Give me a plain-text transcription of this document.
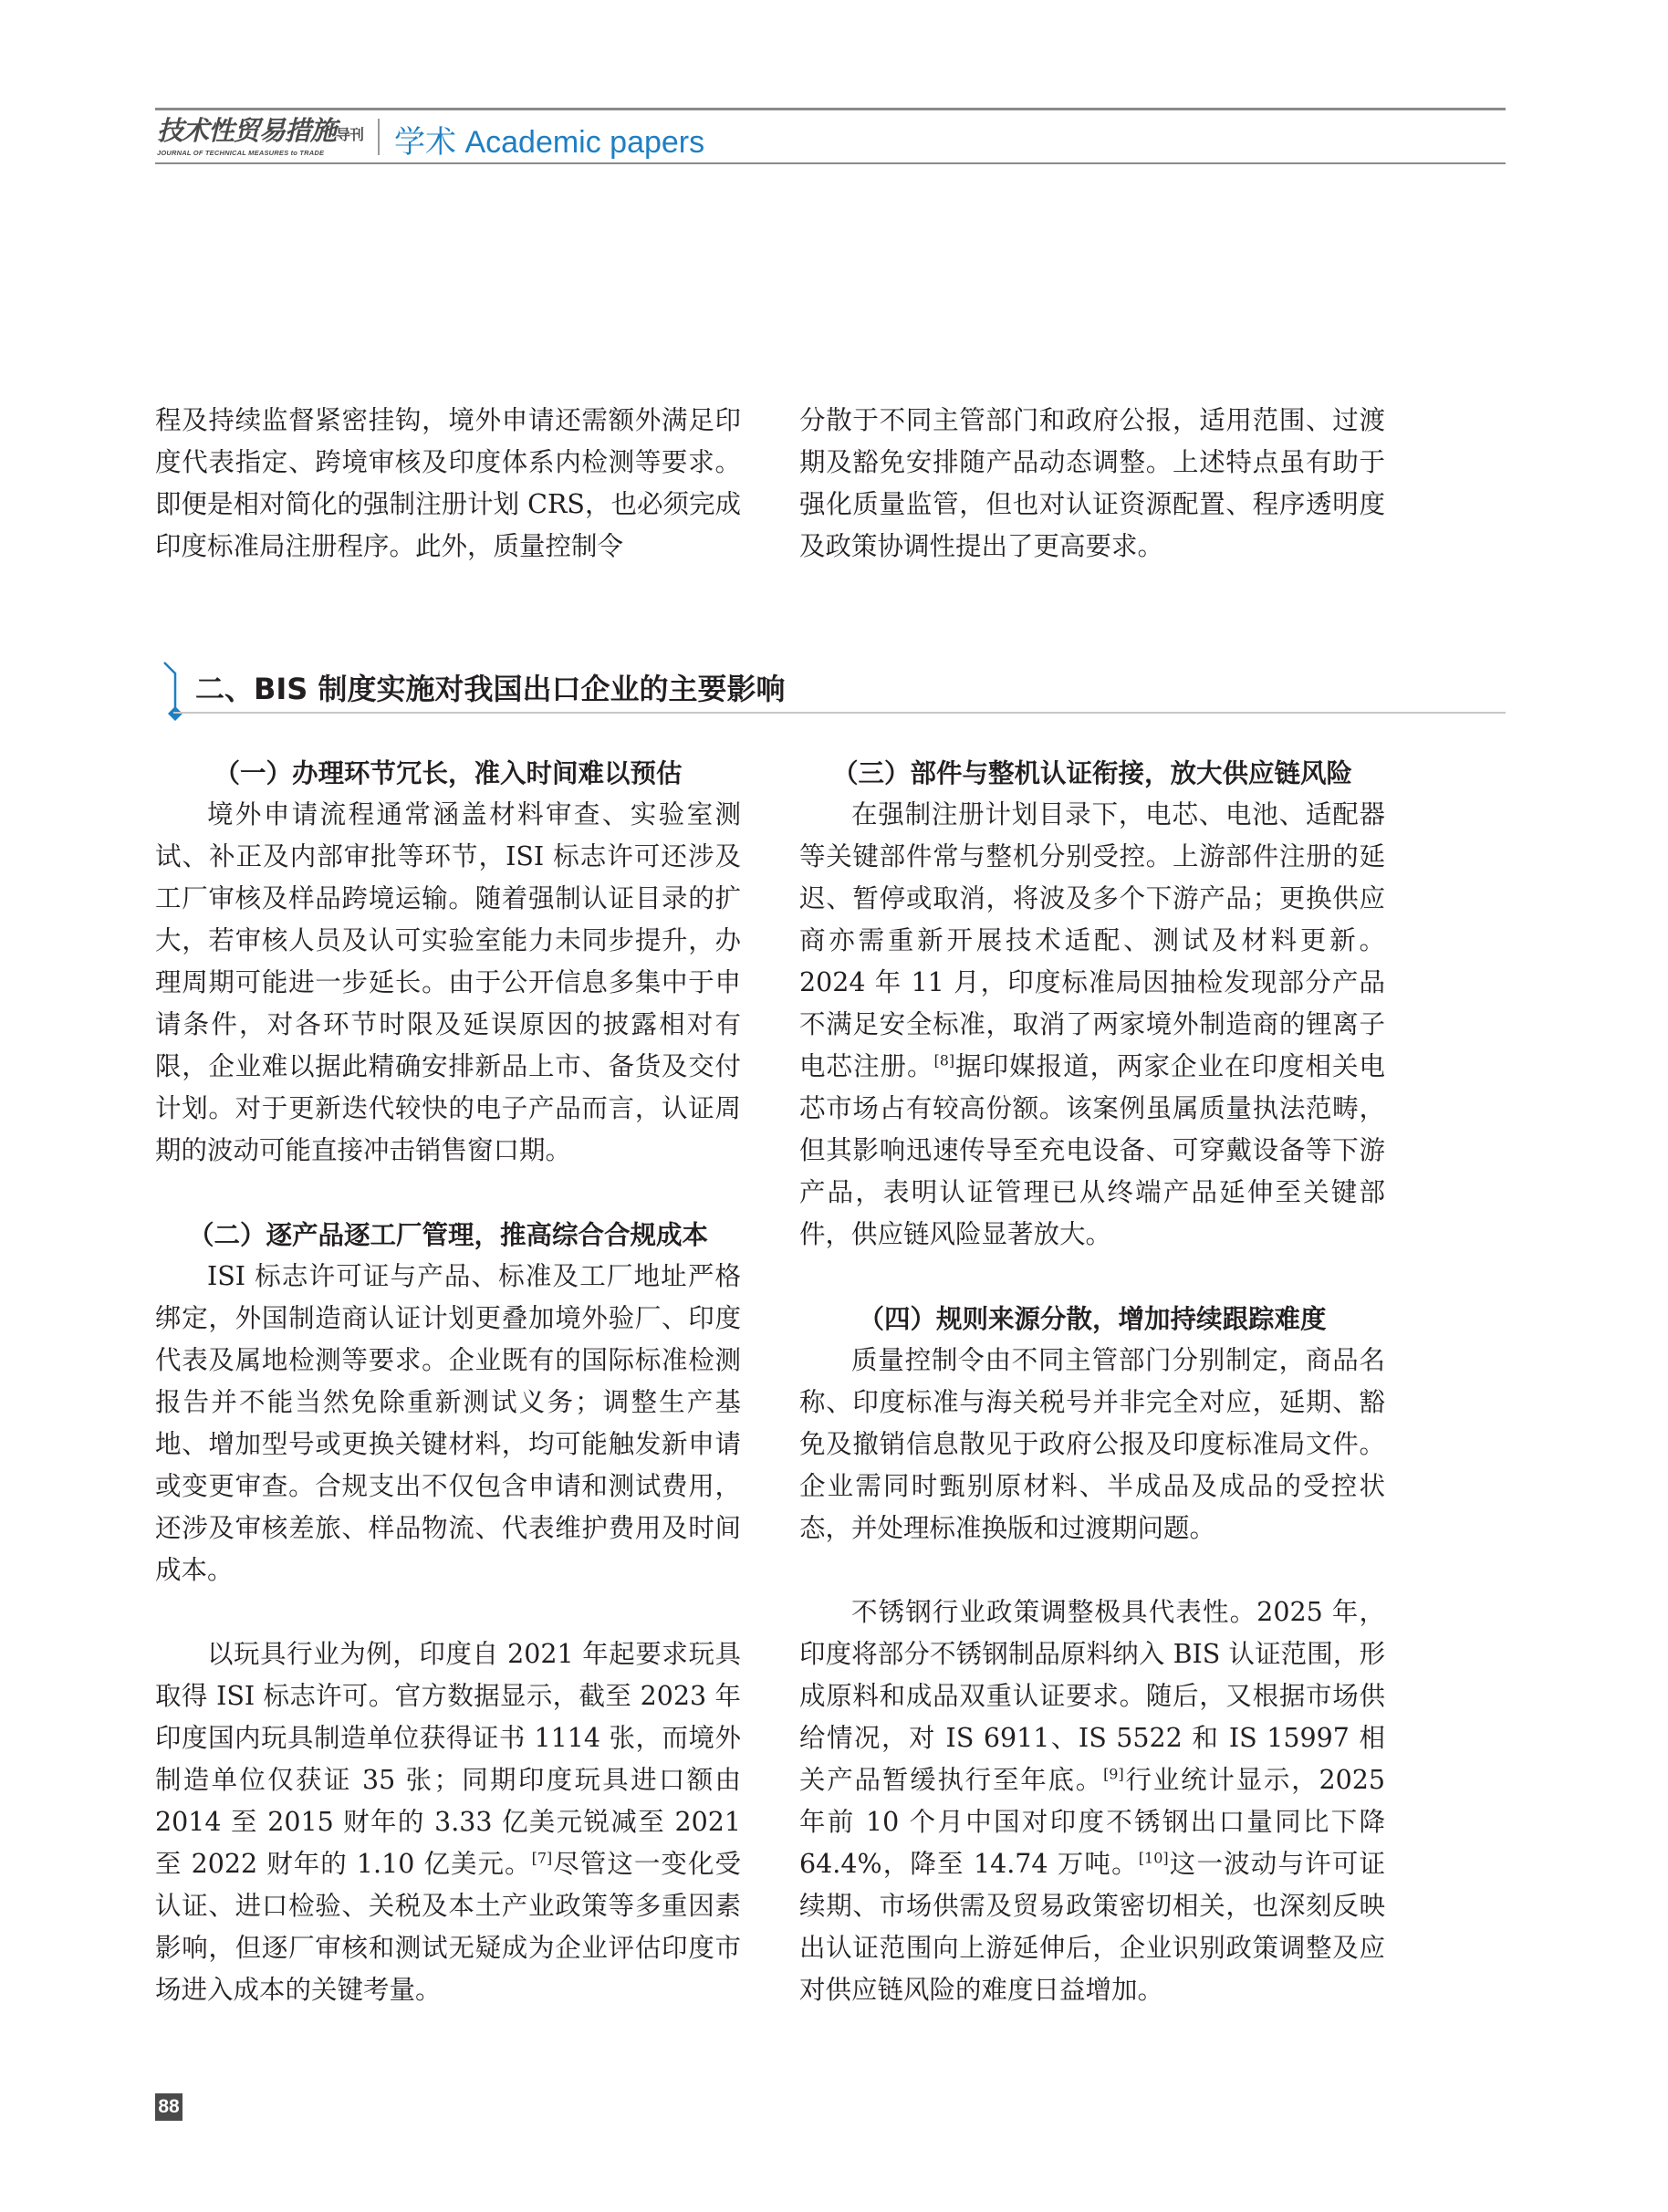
技术性贸易措施导刊
JOURNAL OF TECHNICAL MEASURES to TRADE	学术 Academic papers

程及持续监督紧密挂钩，境外申请还需额外满足印度代表指定、跨境审核及印度体系内检测等要求。即便是相对简化的强制注册计划 CRS，也必须完成印度标准局注册程序。此外，质量控制令

分散于不同主管部门和政府公报，适用范围、过渡期及豁免安排随产品动态调整。上述特点虽有助于强化质量监管，但也对认证资源配置、程序透明度及政策协调性提出了更高要求。

二、BIS 制度实施对我国出口企业的主要影响

（一）办理环节冗长，准入时间难以预估

境外申请流程通常涵盖材料审查、实验室测试、补正及内部审批等环节，ISI 标志许可还涉及工厂审核及样品跨境运输。随着强制认证目录的扩大，若审核人员及认可实验室能力未同步提升，办理周期可能进一步延长。由于公开信息多集中于申请条件，对各环节时限及延误原因的披露相对有限，企业难以据此精确安排新品上市、备货及交付计划。对于更新迭代较快的电子产品而言，认证周期的波动可能直接冲击销售窗口期。

（二）逐产品逐工厂管理，推高综合合规成本

ISI 标志许可证与产品、标准及工厂地址严格绑定，外国制造商认证计划更叠加境外验厂、印度代表及属地检测等要求。企业既有的国际标准检测报告并不能当然免除重新测试义务；调整生产基地、增加型号或更换关键材料，均可能触发新申请或变更审查。合规支出不仅包含申请和测试费用，还涉及审核差旅、样品物流、代表维护费用及时间成本。

以玩具行业为例，印度自 2021 年起要求玩具取得 ISI 标志许可。官方数据显示，截至 2023 年印度国内玩具制造单位获得证书 1114 张，而境外制造单位仅获证 35 张；同期印度玩具进口额由 2014 至 2015 财年的 3.33 亿美元锐减至 2021 至 2022 财年的 1.10 亿美元。[7]尽管这一变化受认证、进口检验、关税及本土产业政策等多重因素影响，但逐厂审核和测试无疑成为企业评估印度市场进入成本的关键考量。

（三）部件与整机认证衔接，放大供应链风险

在强制注册计划目录下，电芯、电池、适配器等关键部件常与整机分别受控。上游部件注册的延迟、暂停或取消，将波及多个下游产品；更换供应商亦需重新开展技术适配、测试及材料更新。2024 年 11 月，印度标准局因抽检发现部分产品不满足安全标准，取消了两家境外制造商的锂离子电芯注册。[8]据印媒报道，两家企业在印度相关电芯市场占有较高份额。该案例虽属质量执法范畴，但其影响迅速传导至充电设备、可穿戴设备等下游产品，表明认证管理已从终端产品延伸至关键部件，供应链风险显著放大。

（四）规则来源分散，增加持续跟踪难度

质量控制令由不同主管部门分别制定，商品名称、印度标准与海关税号并非完全对应，延期、豁免及撤销信息散见于政府公报及印度标准局文件。企业需同时甄别原材料、半成品及成品的受控状态，并处理标准换版和过渡期问题。

不锈钢行业政策调整极具代表性。2025 年，印度将部分不锈钢制品原料纳入 BIS 认证范围，形成原料和成品双重认证要求。随后，又根据市场供给情况，对 IS 6911、IS 5522 和 IS 15997 相关产品暂缓执行至年底。[9]行业统计显示，2025 年前 10 个月中国对印度不锈钢出口量同比下降 64.4%，降至 14.74 万吨。[10]这一波动与许可证续期、市场供需及贸易政策密切相关，也深刻反映出认证范围向上游延伸后，企业识别政策调整及应对供应链风险的难度日益增加。

88
